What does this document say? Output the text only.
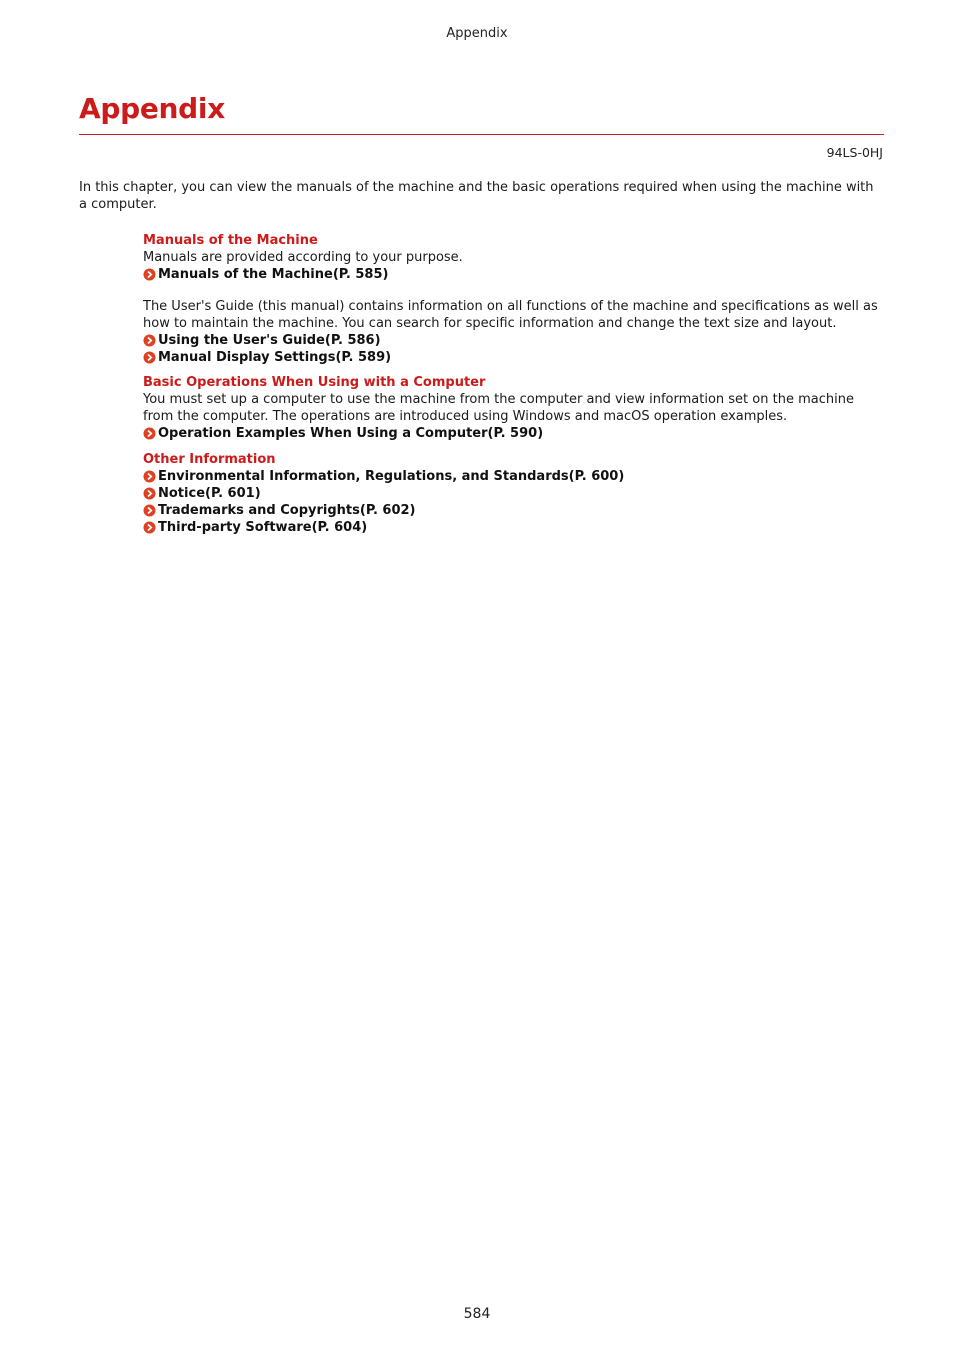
Appendix
Appendix
94LS-0HJ

In this chapter, you can view the manuals of the machine and the basic operations required when using the machine with a computer.

Manuals of the Machine

Manuals are provided according to your purpose.

Manuals of the Machine(P. 585)

The User's Guide (this manual) contains information on all functions of the machine and specifications as well as how to maintain the machine. You can search for specific information and change the text size and layout.

Using the User's Guide(P. 586)
Manual Display Settings(P. 589)

Basic Operations When Using with a Computer

You must set up a computer to use the machine from the computer and view information set on the machine from the computer. The operations are introduced using Windows and macOS operation examples.

Operation Examples When Using a Computer(P. 590)

Other Information

Environmental Information, Regulations, and Standards(P. 600)
Notice(P. 601)
Trademarks and Copyrights(P. 602)
Third-party Software(P. 604)
584
